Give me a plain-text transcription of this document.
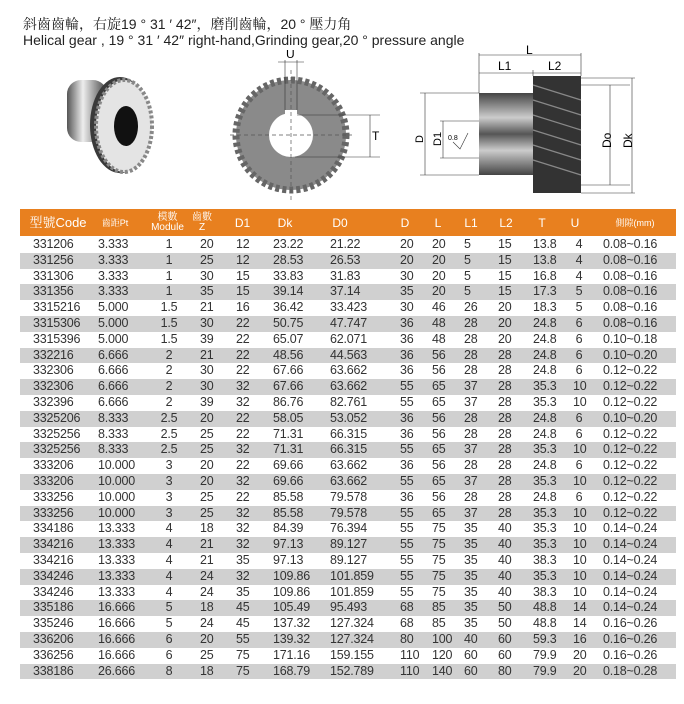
斜齒齒輪，右旋19 ° 31 ′ 42″，磨削齒輪，20 ° 壓力角
Helical gear , 19 ° 31 ′ 42″ right-hand,Grinding gear,20 ° pressure angle
U
T
L
L1	L2
D D1 0.8	Do Dk
型號Code	齒距Pt	模數
Module
齒數
Z	D1	Dk	D0	D	L	L1	L2	T	U	側隙(mm)
331206 3.333	1	20 12 23.22 21.22	20 20 5 15 13.8 4 0.08~0.16
331256 3.333	1	25 12 28.53 26.53	20 20 5 15 13.8 4 0.08~0.16
331306 3.333	1	30 15 33.83 31.83	30 20 5 15 16.8 4 0.08~0.16
331356 3.333	1	35 15 39.14 37.14	35 20 5 15 17.3 5 0.08~0.16
3315216 5.000	1.5 21 16 36.42 33.423	30 46 26 20 18.3 5 0.08~0.16
3315306 5.000	1.5 30 22 50.75 47.747	36 48 28 20 24.8 6 0.08~0.16
3315396 5.000	1.5 39 22 65.07 62.071	36 48 28 20 24.8 6 0.10~0.18
332216 6.666	2	21 22 48.56 44.563	36 56 28 28 24.8 6 0.10~0.20
332306 6.666	2	30 22 67.66 63.662	36 56 28 28 24.8 6 0.12~0.22
332306 6.666	2	30 32 67.66 63.662	55 65 37 28 35.3 10 0.12~0.22
332396 6.666	2	39 32 86.76 82.761	55 65 37 28 35.3 10 0.12~0.22
3325206 8.333	2.5 20 22 58.05 53.052	36 56 28 28 24.8 6 0.10~0.20
3325256 8.333	2.5 25 22 71.31 66.315	36 56 28 28 24.8 6 0.12~0.22
3325256 8.333	2.5 25 32 71.31 66.315	55 65 37 28 35.3 10 0.12~0.22
333206 10.000	3	20 22 69.66 63.662	36 56 28 28 24.8 6 0.12~0.22
333206 10.000	3	20 32 69.66 63.662	55 65 37 28 35.3 10 0.12~0.22
333256 10.000	3	25 22 85.58 79.578	36 56 28 28 24.8 6 0.12~0.22
333256 10.000	3	25 32 85.58 79.578	55 65 37 28 35.3 10 0.12~0.22
334186 13.333	4	18 32 84.39 76.394	55 75 35 40 35.3 10 0.14~0.24
334216 13.333	4	21 32 97.13 89.127	55 75 35 40 35.3 10 0.14~0.24
334216 13.333	4	21 35 97.13 89.127	55 75 35 40 38.3 10 0.14~0.24
334246 13.333	4	24 32 109.86 101.859 55 75 35 40 35.3 10 0.14~0.24
334246 13.333	4	24 35 109.86 101.859 55 75 35 40 38.3 10 0.14~0.24
335186 16.666	5	18 45 105.49 95.493	68 85 35 50 48.8 14 0.14~0.24
335246 16.666	5	24 45 137.32 127.324 68 85 35 50 48.8 14 0.16~0.26
336206 16.666	6	20 55 139.32 127.324 80 100 40 60 59.3 16 0.16~0.26
336256 16.666	6	25 75 171.16 159.155 110 120 60 60 79.9 20 0.16~0.26
338186 26.666	8	18 75 168.79 152.789 110 140 60 80 79.9 20 0.18~0.28
